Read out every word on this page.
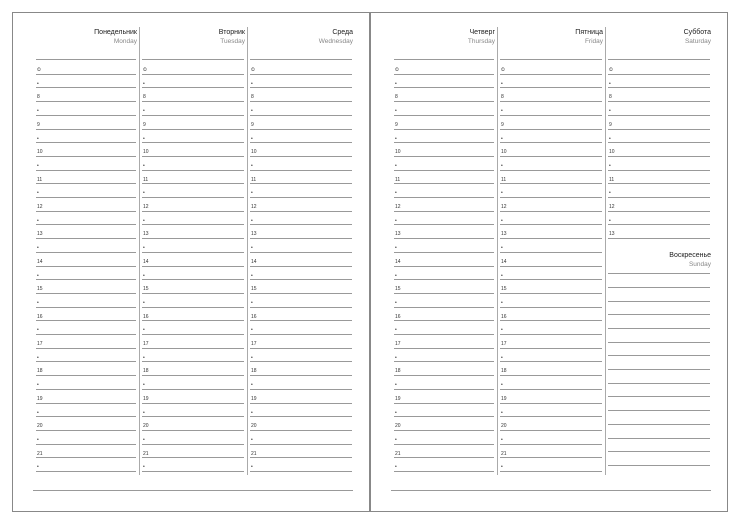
Понедельник
Monday
⏲
•
8
•
9
•
10
•
11
•
12
•
13
•
14
•
15
•
16
•
17
•
18
•
19
•
20
•
21
•
Вторник
Tuesday
⏲
•
8
•
9
•
10
•
11
•
12
•
13
•
14
•
15
•
16
•
17
•
18
•
19
•
20
•
21
•
Среда
Wednesday
⏲
•
8
•
9
•
10
•
11
•
12
•
13
•
14
•
15
•
16
•
17
•
18
•
19
•
20
•
21
•
Четверг
Thursday
⏲
•
8
•
9
•
10
•
11
•
12
•
13
•
14
•
15
•
16
•
17
•
18
•
19
•
20
•
21
•
Пятница
Friday
⏲
•
8
•
9
•
10
•
11
•
12
•
13
•
14
•
15
•
16
•
17
•
18
•
19
•
20
•
21
•
Суббота
Saturday
⏲
•
8
•
9
•
10
•
11
•
12
•
13
Воскресенье
Sunday
